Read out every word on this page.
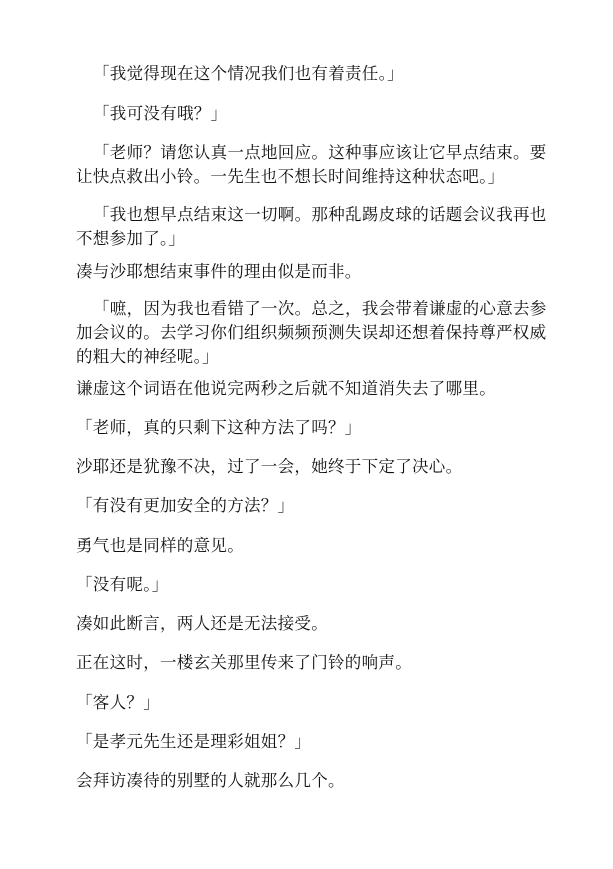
「我觉得现在这个情况我们也有着责任。」

「我可没有哦？」

「老师？请您认真一点地回应。这种事应该让它早点结束。要让快点救出小铃。一先生也不想长时间维持这种状态吧。」

「我也想早点结束这一切啊。那种乱踢皮球的话题会议我再也不想参加了。」

凑与沙耶想结束事件的理由似是而非。

「嗻，因为我也看错了一次。总之，我会带着谦虚的心意去参加会议的。去学习你们组织频频预测失误却还想着保持尊严权威的粗大的神经呢。」

谦虚这个词语在他说完两秒之后就不知道消失去了哪里。

「老师，真的只剩下这种方法了吗？」

沙耶还是犹豫不决，过了一会，她终于下定了决心。

「有没有更加安全的方法？」

勇气也是同样的意见。

「没有呢。」

凑如此断言，两人还是无法接受。

正在这时，一楼玄关那里传来了门铃的响声。

「客人？」

「是孝元先生还是理彩姐姐？」

会拜访凑待的别墅的人就那么几个。
